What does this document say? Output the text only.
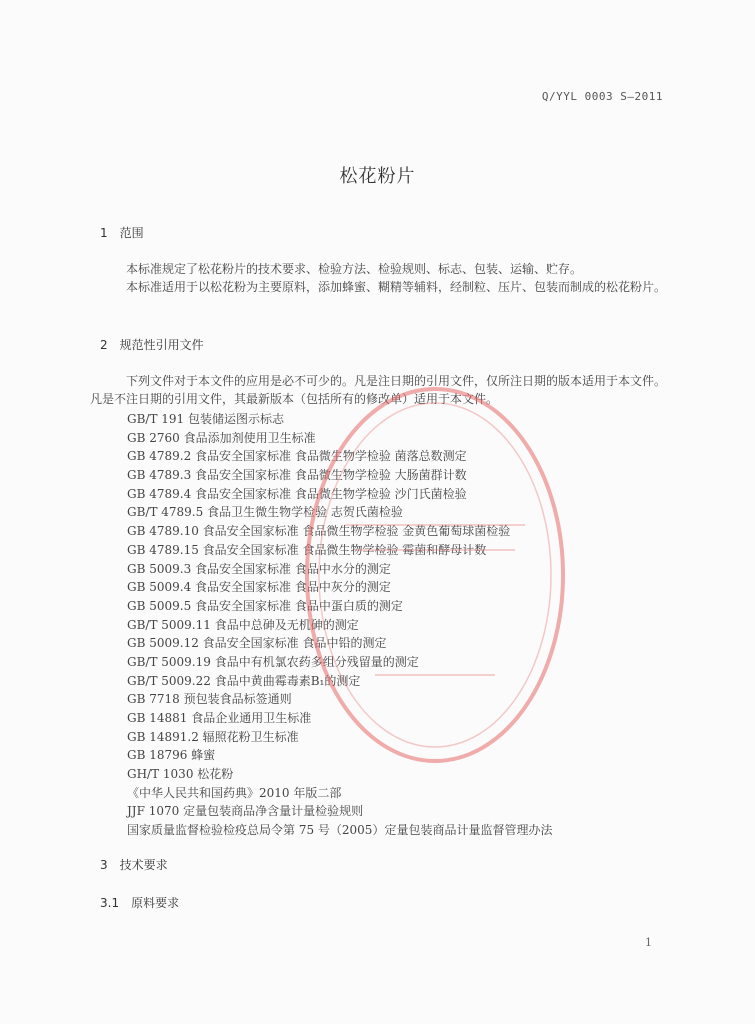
Q/YYL 0003 S—2011
松花粉片
1　范围
本标准规定了松花粉片的技术要求、检验方法、检验规则、标志、包装、运输、贮存。
本标准适用于以松花粉为主要原料，添加蜂蜜、糊精等辅料，经制粒、压片、包装而制成的松花粉片。
2　规范性引用文件
下列文件对于本文件的应用是必不可少的。凡是注日期的引用文件，仅所注日期的版本适用于本文件。凡是不注日期的引用文件，其最新版本（包括所有的修改单）适用于本文件。
GB/T 191 包装储运图示标志
GB 2760 食品添加剂使用卫生标准
GB 4789.2 食品安全国家标准 食品微生物学检验 菌落总数测定
GB 4789.3 食品安全国家标准 食品微生物学检验 大肠菌群计数
GB 4789.4 食品安全国家标准 食品微生物学检验 沙门氏菌检验
GB/T 4789.5 食品卫生微生物学检验 志贺氏菌检验
GB 4789.10 食品安全国家标准 食品微生物学检验 金黄色葡萄球菌检验
GB 4789.15 食品安全国家标准 食品微生物学检验 霉菌和酵母计数
GB 5009.3 食品安全国家标准 食品中水分的测定
GB 5009.4 食品安全国家标准 食品中灰分的测定
GB 5009.5 食品安全国家标准 食品中蛋白质的测定
GB/T 5009.11 食品中总砷及无机砷的测定
GB 5009.12 食品安全国家标准 食品中铅的测定
GB/T 5009.19 食品中有机氯农药多组分残留量的测定
GB/T 5009.22 食品中黄曲霉毒素B₁的测定
GB 7718 预包装食品标签通则
GB 14881 食品企业通用卫生标准
GB 14891.2 辐照花粉卫生标准
GB 18796 蜂蜜
GH/T 1030 松花粉
《中华人民共和国药典》2010 年版二部
JJF 1070 定量包装商品净含量计量检验规则
国家质量监督检验检疫总局令第 75 号（2005）定量包装商品计量监督管理办法
3　技术要求
3.1　原料要求
1
